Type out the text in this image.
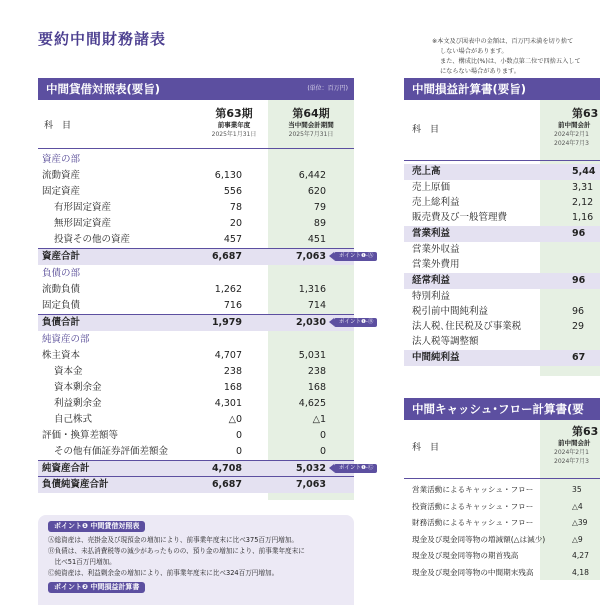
要約中間財務諸表	※本文及び図表中の金額は、百万円未満を切り捨て
しない場合があります。
また、構成比(%)は、小数点第二位で四捨五入して
にならない場合があります。
中間貸借対照表(要旨)	(単位：百万円)
科　目
第63期
前事業年度
2025年1月31日
第64期
当中間会計期間
2025年7月31日
資産の部
流動資産	6,130	6,442
固定資産	556	620
有形固定資産	78	79
無形固定資産	20	89
投資その他の資産	457	451
資産合計	6,687	7,063	ポイント❶-Ⓐ
負債の部
流動負債	1,262	1,316
固定負債	716	714
負債合計	1,979	2,030	ポイント❶-Ⓑ
純資産の部
株主資本	4,707	5,031
資本金	238	238
資本剰余金	168	168
利益剰余金	4,301	4,625
自己株式	△0	△1
評価・換算差額等	0	0
その他有価証券評価差額金	0	0
純資産合計	4,708	5,032	ポイント❶-Ⓒ
負債純資産合計	6,687	7,063
ポイント❶ 中間貸借対照表
Ⓐ総資産は、売掛金及び現預金の増加により、前事業年度末に比べ375百万円増加。
Ⓑ負債は、未払消費税等の減少があったものの、預り金の増加により、前事業年度末に
　比べ51百万円増加。
Ⓒ純資産は、利益剰余金の増加により、前事業年度末に比べ324百万円増加。
ポイント❷ 中間損益計算書
中間損益計算書(要旨)
科　目
第63
前中間会計
2024年2月1
2024年7月3
売上高	5,44
売上原価	3,31
売上総利益	2,12
販売費及び一般管理費	1,16
営業利益	96
営業外収益
営業外費用
経常利益	96
特別利益
税引前中間純利益	96
法人税､住民税及び事業税	29
法人税等調整額
中間純利益	67
中間キャッシュ･フロー計算書(要
科　目
第63
前中間会計
2024年2月1
2024年7月3
営業活動によるキャッシュ・フロー	35
投資活動によるキャッシュ・フロー	△4
財務活動によるキャッシュ・フロー	△39
現金及び現金同等物の増減額(△は減少)	△9
現金及び現金同等物の期首残高	4,27
現金及び現金同等物の中間期末残高	4,18
